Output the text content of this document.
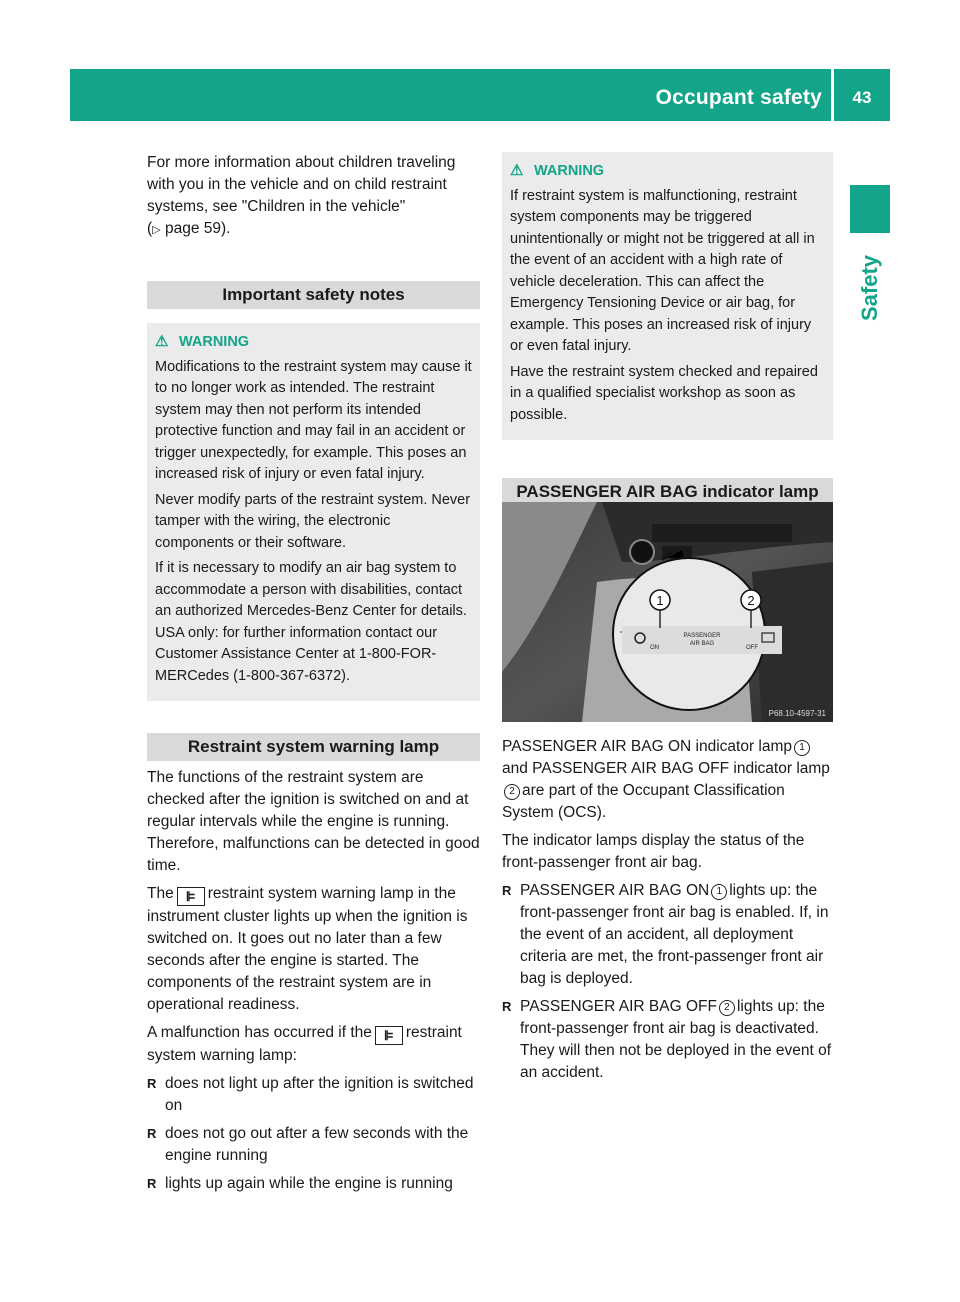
Occupant safety	43
Safety

For more information about children traveling with you in the vehicle and on child restraint systems, see "Children in the vehicle"
(▷ page 59).

Important safety notes
⚠ WARNING

Modifications to the restraint system may cause it to no longer work as intended. The restraint system may then not perform its intended protective function and may fail in an accident or trigger unexpectedly, for example. This poses an increased risk of injury or even fatal injury.

Never modify parts of the restraint system. Never tamper with the wiring, the electronic components or their software.

If it is necessary to modify an air bag system to accommodate a person with disabilities, contact an authorized Mercedes-Benz Center for details. USA only: for further information contact our Customer Assistance Center at 1-800-FOR-MERCedes (1-800-367-6372).

Restraint system warning lamp

The functions of the restraint system are checked after the ignition is switched on and at regular intervals while the engine is running. Therefore, malfunctions can be detected in good time.

The ꕞ restraint system warning lamp in the instrument cluster lights up when the ignition is switched on. It goes out no later than a few seconds after the engine is started. The components of the restraint system are in operational readiness.

A malfunction has occurred if the ꕞ restraint system warning lamp:

R does not light up after the ignition is switched on
R does not go out after a few seconds with the engine running
R lights up again while the engine is running
⚠ WARNING

If restraint system is malfunctioning, restraint system components may be triggered unintentionally or might not be triggered at all in the event of an accident with a high rate of vehicle deceleration. This can affect the Emergency Tensioning Device or air bag, for example. This poses an increased risk of injury or even fatal injury.

Have the restraint system checked and repaired in a qualified specialist workshop as soon as possible.

PASSENGER AIR BAG indicator lamp
ON
PASSENGER
AIR BAG
OFF
1	2
P68.10-4597-31

PASSENGER AIR BAG ON indicator lamp 1 and PASSENGER AIR BAG OFF indicator lamp2 are part of the Occupant Classification System (OCS).

The indicator lamps display the status of the front-passenger front air bag.

R PASSENGER AIR BAG ON 1 lights up: the front-passenger front air bag is enabled. If, in the event of an accident, all deployment criteria are met, the front-passenger front air bag is deployed.
R PASSENGER AIR BAG OFF 2 lights up: the front-passenger front air bag is deactivated. They will then not be deployed in the event of an accident.
